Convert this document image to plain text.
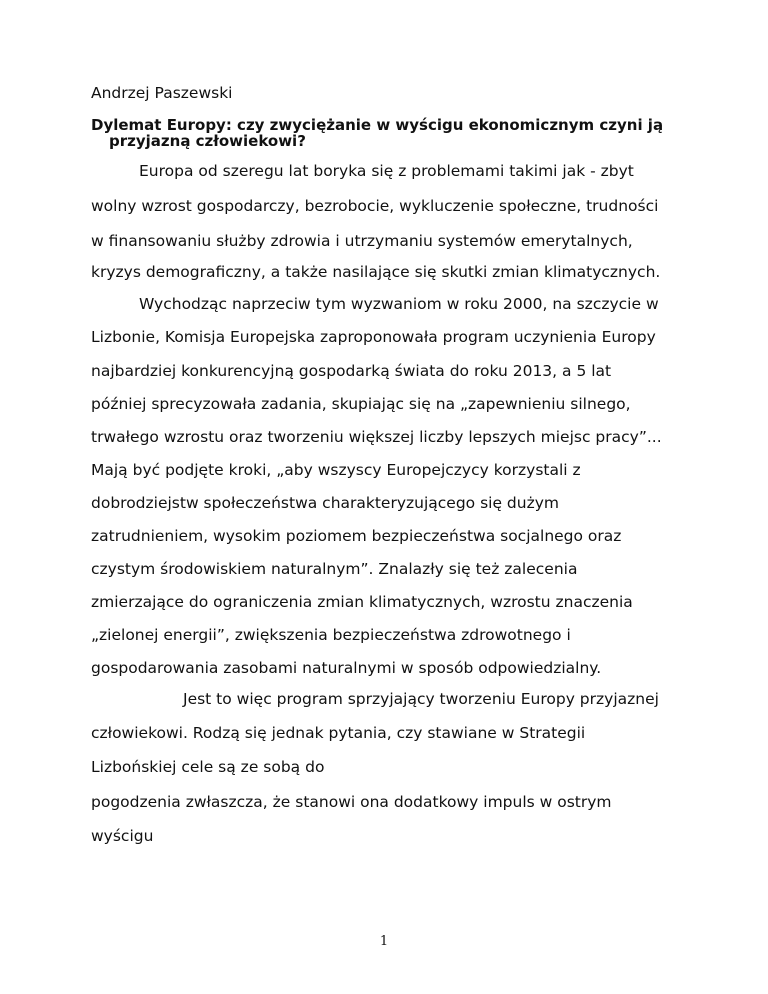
Andrzej Paszewski
Dylemat Europy: czy zwyciężanie w wyścigu ekonomicznym czyni ją
przyjazną człowiekowi?
Europa od szeregu lat boryka się z problemami takimi jak - zbyt
wolny wzrost gospodarczy, bezrobocie, wykluczenie społeczne, trudności
w finansowaniu służby zdrowia i utrzymaniu systemów emerytalnych,
kryzys demograficzny, a także nasilające się skutki zmian klimatycznych.
Wychodząc naprzeciw tym wyzwaniom w roku 2000, na szczycie w
Lizbonie, Komisja Europejska zaproponowała program uczynienia Europy
najbardziej konkurencyjną gospodarką świata do roku 2013, a 5 lat
później sprecyzowała zadania, skupiając się na „zapewnieniu silnego,
trwałego wzrostu oraz tworzeniu większej liczby lepszych miejsc pracy”...
Mają być podjęte kroki, „aby wszyscy Europejczycy korzystali z
dobrodziejstw społeczeństwa charakteryzującego się dużym
zatrudnieniem, wysokim poziomem bezpieczeństwa socjalnego oraz
czystym środowiskiem naturalnym”. Znalazły się też zalecenia
zmierzające do ograniczenia zmian klimatycznych, wzrostu znaczenia
„zielonej energii”, zwiększenia bezpieczeństwa zdrowotnego i
gospodarowania zasobami naturalnymi w sposób odpowiedzialny.
Jest to więc program sprzyjający tworzeniu Europy przyjaznej
człowiekowi. Rodzą się jednak pytania, czy stawiane w Strategii
Lizbońskiej cele są ze sobą do
pogodzenia zwłaszcza, że stanowi ona dodatkowy impuls w ostrym
wyścigu
1
